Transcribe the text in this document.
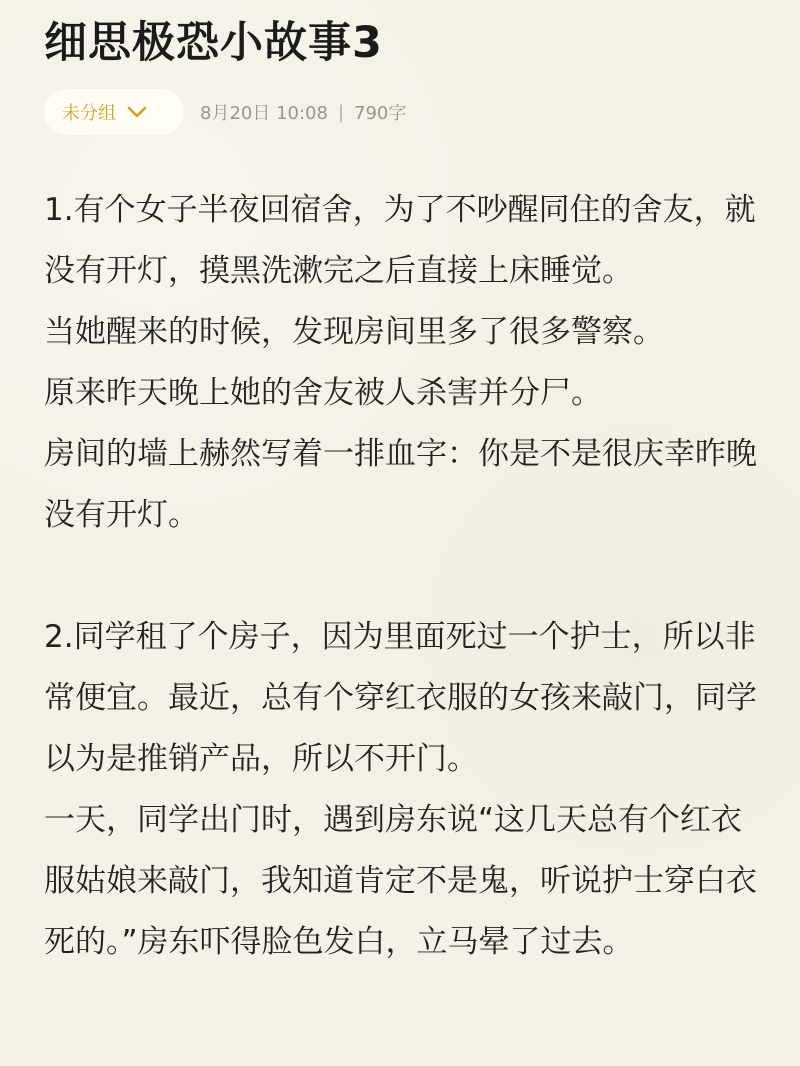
细思极恐小故事3
未分组	8月20日 10:08 | 790字

1.有个女子半夜回宿舍，为了不吵醒同住的舍友，就没有开灯，摸黑洗漱完之后直接上床睡觉。

当她醒来的时候，发现房间里多了很多警察。

原来昨天晚上她的舍友被人杀害并分尸。

房间的墙上赫然写着一排血字：你是不是很庆幸昨晚没有开灯。

2.同学租了个房子，因为里面死过一个护士，所以非常便宜。最近，总有个穿红衣服的女孩来敲门，同学以为是推销产品，所以不开门。

一天，同学出门时，遇到房东说“这几天总有个红衣服姑娘来敲门，我知道肯定不是鬼，听说护士穿白衣死的。”房东吓得脸色发白，立马晕了过去。
